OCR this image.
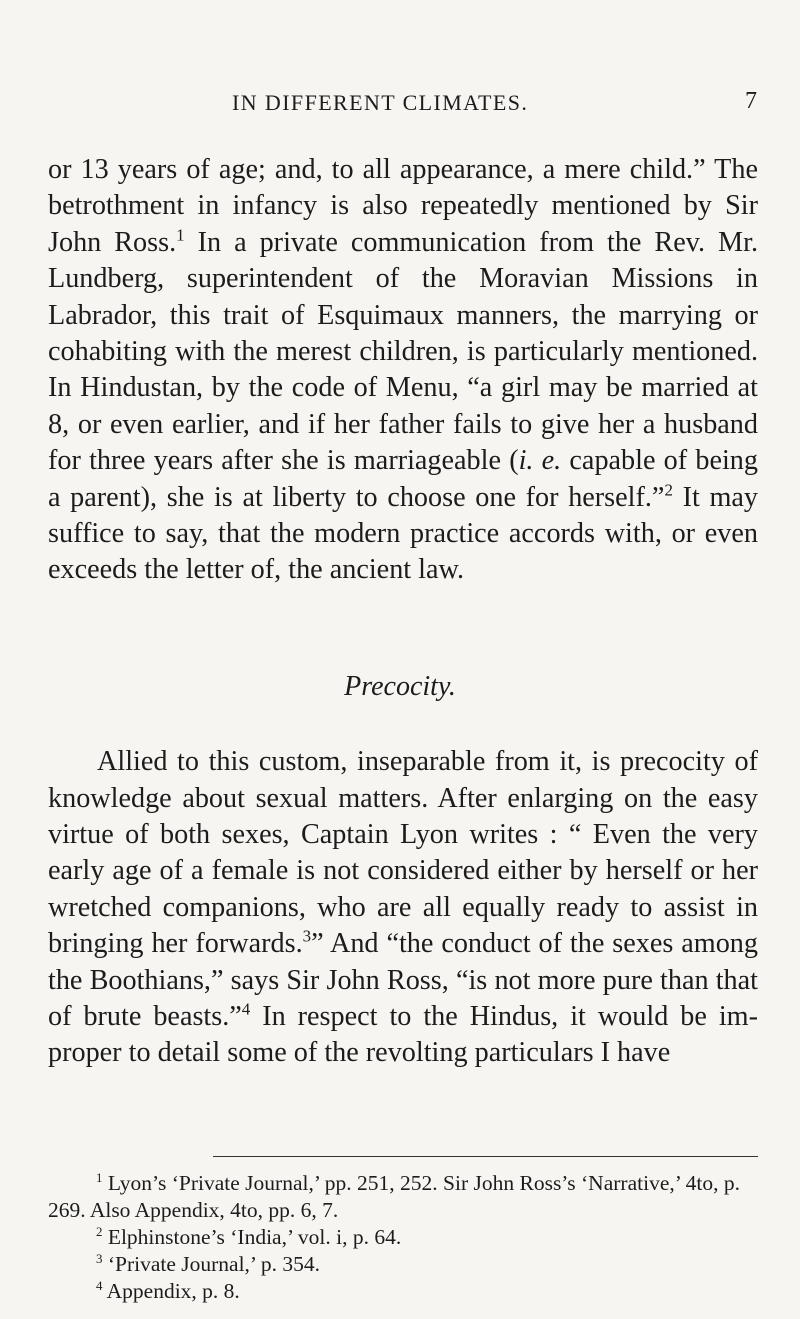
IN DIFFERENT CLIMATES.	7

or 13 years of age; and, to all appearance, a mere child.” The betrothment in infancy is also repeatedly mentioned by Sir John Ross.$^1$ In a private communication from the Rev. Mr. Lundberg, superintendent of the Moravian Missions in Labrador, this trait of Esquimaux manners, the marrying or cohabiting with the merest children, is particularly mentioned. In Hindustan, by the code of Menu, “a girl may be married at 8, or even earlier, and if her father fails to give her a husband for three years after she is marriageable (i. e. capable of being a parent), she is at liberty to choose one for herself.”$^2$ It may suffice to say, that the modern practice accords with, or even exceeds the letter of, the ancient law.

Precocity.

Allied to this custom, inseparable from it, is precocity of knowledge about sexual matters. After enlarging on the easy virtue of both sexes, Captain Lyon writes : “ Even the very early age of a female is not considered either by herself or her wretched companions, who are all equally ready to assist in bringing her forwards.$^3$” And “the conduct of the sexes among the Boothians,” says Sir John Ross, “is not more pure than that of brute beasts.”$^4$ In respect to the Hindus, it would be improper to detail some of the revolting particulars I have

$^1$ Lyon’s ‘Private Journal,’ pp. 251, 252. Sir John Ross’s ‘Narrative,’ 4to, p. 269. Also Appendix, 4to, pp. 6, 7.

$^2$ Elphinstone’s ‘India,’ vol. i, p. 64.

$^3$ ‘Private Journal,’ p. 354.

$^4$ Appendix, p. 8.
